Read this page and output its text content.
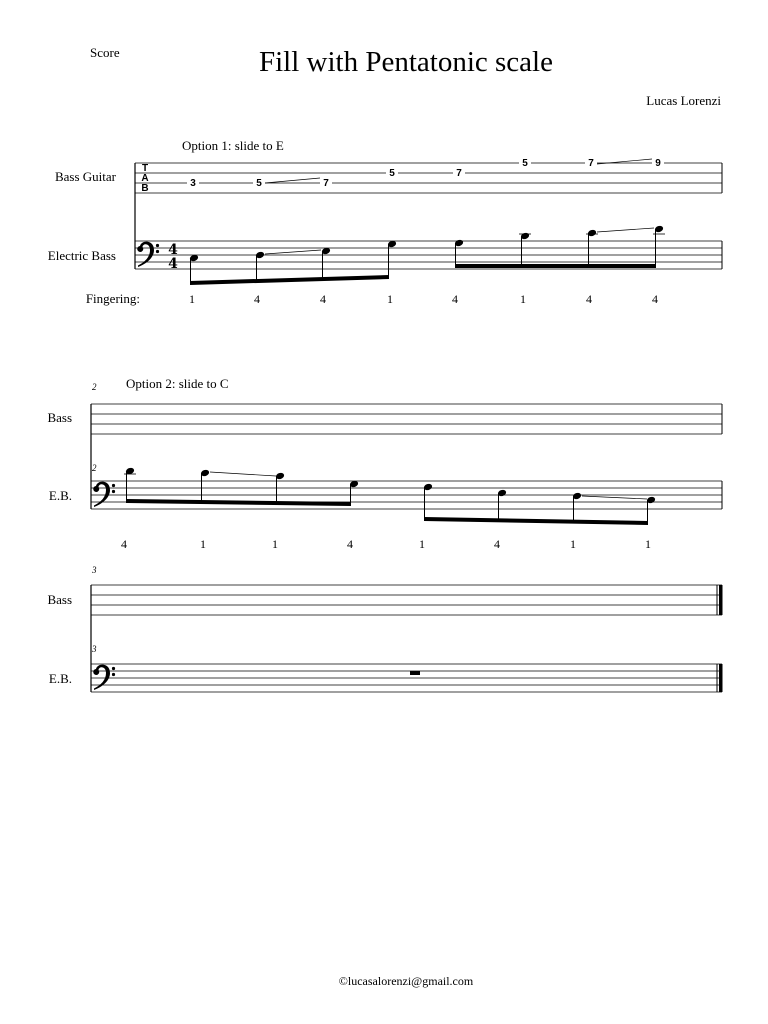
Score	Fill with Pentatonic scale
Lucas Lorenzi
Option 1: slide to E
Bass Guitar
Electric Bass
Fingering:
T
A
B	3	5	7
5	7
5	7	9
4
4
1	4	4	1	4	1	4	4
2 Option 2: slide to C
Bass
E.B.
2
4	1	1	4	1	4	1	1
3
Bass
E.B.
3
©lucasalorenzi@gmail.com
